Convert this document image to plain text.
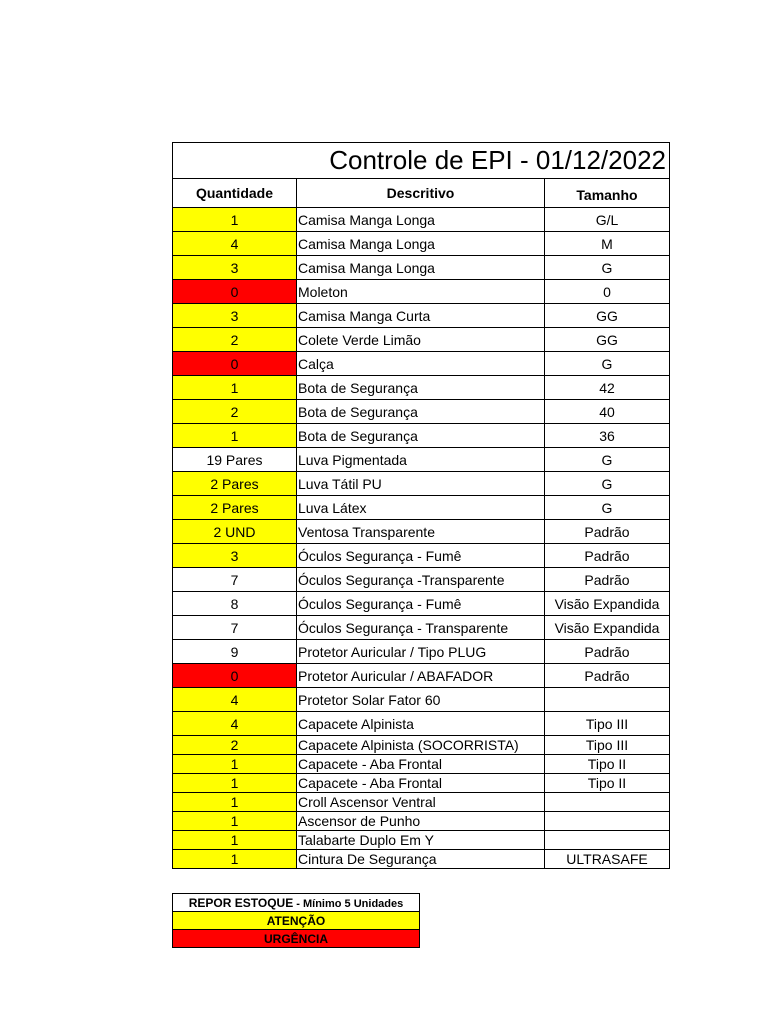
Controle de EPI - 01/12/2022		
Quantidade	Descritivo	Tamanho
1	Camisa Manga Longa	G/L
4	Camisa Manga Longa	M
3	Camisa Manga Longa	G
0	Moleton	0
3	Camisa Manga Curta	GG
2	Colete Verde Limão	GG
0	Calça	G
1	Bota de Segurança	42
2	Bota de Segurança	40
1	Bota de Segurança	36
19 Pares	Luva Pigmentada	G
2 Pares	Luva Tátil PU	G
2 Pares	Luva Látex	G
2 UND	Ventosa Transparente	Padrão
3	Óculos Segurança - Fumê	Padrão
7	Óculos Segurança -Transparente	Padrão
8	Óculos Segurança - Fumê	Visão Expandida
7	Óculos Segurança - Transparente	Visão Expandida
9	Protetor Auricular / Tipo PLUG	Padrão
0	Protetor Auricular / ABAFADOR	Padrão
4	Protetor Solar Fator 60	
4	Capacete Alpinista	Tipo III
2	Capacete Alpinista (SOCORRISTA)	Tipo III
1	Capacete - Aba Frontal	Tipo II
1	Capacete - Aba Frontal	Tipo II
1	Croll Ascensor Ventral	
1	Ascensor de Punho	
1	Talabarte Duplo Em Y	
1	Cintura De Segurança	ULTRASAFE
REPOR ESTOQUE - Mínimo 5 Unidades
ATENÇÃO
URGÊNCIA
